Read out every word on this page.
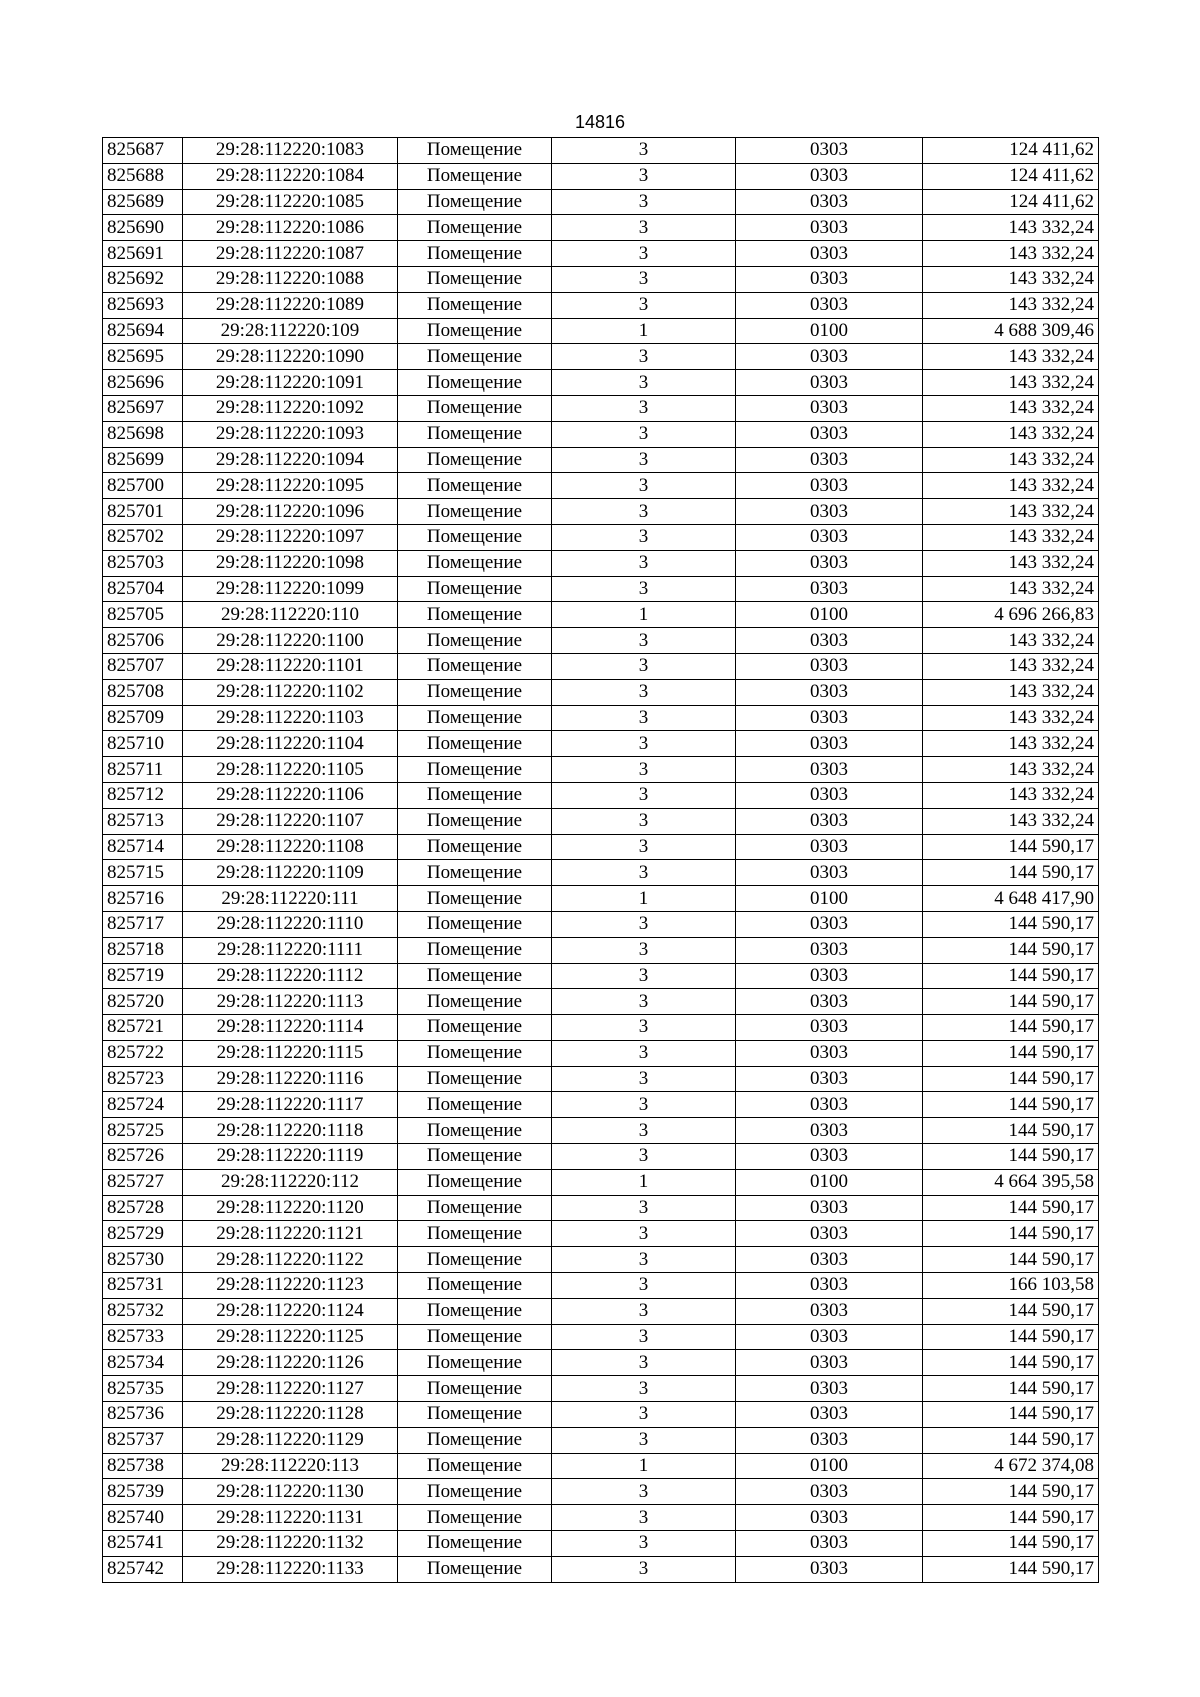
14816
825687	29:28:112220:1083	Помещение	3	0303	124 411,62
825688	29:28:112220:1084	Помещение	3	0303	124 411,62
825689	29:28:112220:1085	Помещение	3	0303	124 411,62
825690	29:28:112220:1086	Помещение	3	0303	143 332,24
825691	29:28:112220:1087	Помещение	3	0303	143 332,24
825692	29:28:112220:1088	Помещение	3	0303	143 332,24
825693	29:28:112220:1089	Помещение	3	0303	143 332,24
825694	29:28:112220:109	Помещение	1	0100	4 688 309,46
825695	29:28:112220:1090	Помещение	3	0303	143 332,24
825696	29:28:112220:1091	Помещение	3	0303	143 332,24
825697	29:28:112220:1092	Помещение	3	0303	143 332,24
825698	29:28:112220:1093	Помещение	3	0303	143 332,24
825699	29:28:112220:1094	Помещение	3	0303	143 332,24
825700	29:28:112220:1095	Помещение	3	0303	143 332,24
825701	29:28:112220:1096	Помещение	3	0303	143 332,24
825702	29:28:112220:1097	Помещение	3	0303	143 332,24
825703	29:28:112220:1098	Помещение	3	0303	143 332,24
825704	29:28:112220:1099	Помещение	3	0303	143 332,24
825705	29:28:112220:110	Помещение	1	0100	4 696 266,83
825706	29:28:112220:1100	Помещение	3	0303	143 332,24
825707	29:28:112220:1101	Помещение	3	0303	143 332,24
825708	29:28:112220:1102	Помещение	3	0303	143 332,24
825709	29:28:112220:1103	Помещение	3	0303	143 332,24
825710	29:28:112220:1104	Помещение	3	0303	143 332,24
825711	29:28:112220:1105	Помещение	3	0303	143 332,24
825712	29:28:112220:1106	Помещение	3	0303	143 332,24
825713	29:28:112220:1107	Помещение	3	0303	143 332,24
825714	29:28:112220:1108	Помещение	3	0303	144 590,17
825715	29:28:112220:1109	Помещение	3	0303	144 590,17
825716	29:28:112220:111	Помещение	1	0100	4 648 417,90
825717	29:28:112220:1110	Помещение	3	0303	144 590,17
825718	29:28:112220:1111	Помещение	3	0303	144 590,17
825719	29:28:112220:1112	Помещение	3	0303	144 590,17
825720	29:28:112220:1113	Помещение	3	0303	144 590,17
825721	29:28:112220:1114	Помещение	3	0303	144 590,17
825722	29:28:112220:1115	Помещение	3	0303	144 590,17
825723	29:28:112220:1116	Помещение	3	0303	144 590,17
825724	29:28:112220:1117	Помещение	3	0303	144 590,17
825725	29:28:112220:1118	Помещение	3	0303	144 590,17
825726	29:28:112220:1119	Помещение	3	0303	144 590,17
825727	29:28:112220:112	Помещение	1	0100	4 664 395,58
825728	29:28:112220:1120	Помещение	3	0303	144 590,17
825729	29:28:112220:1121	Помещение	3	0303	144 590,17
825730	29:28:112220:1122	Помещение	3	0303	144 590,17
825731	29:28:112220:1123	Помещение	3	0303	166 103,58
825732	29:28:112220:1124	Помещение	3	0303	144 590,17
825733	29:28:112220:1125	Помещение	3	0303	144 590,17
825734	29:28:112220:1126	Помещение	3	0303	144 590,17
825735	29:28:112220:1127	Помещение	3	0303	144 590,17
825736	29:28:112220:1128	Помещение	3	0303	144 590,17
825737	29:28:112220:1129	Помещение	3	0303	144 590,17
825738	29:28:112220:113	Помещение	1	0100	4 672 374,08
825739	29:28:112220:1130	Помещение	3	0303	144 590,17
825740	29:28:112220:1131	Помещение	3	0303	144 590,17
825741	29:28:112220:1132	Помещение	3	0303	144 590,17
825742	29:28:112220:1133	Помещение	3	0303	144 590,17
